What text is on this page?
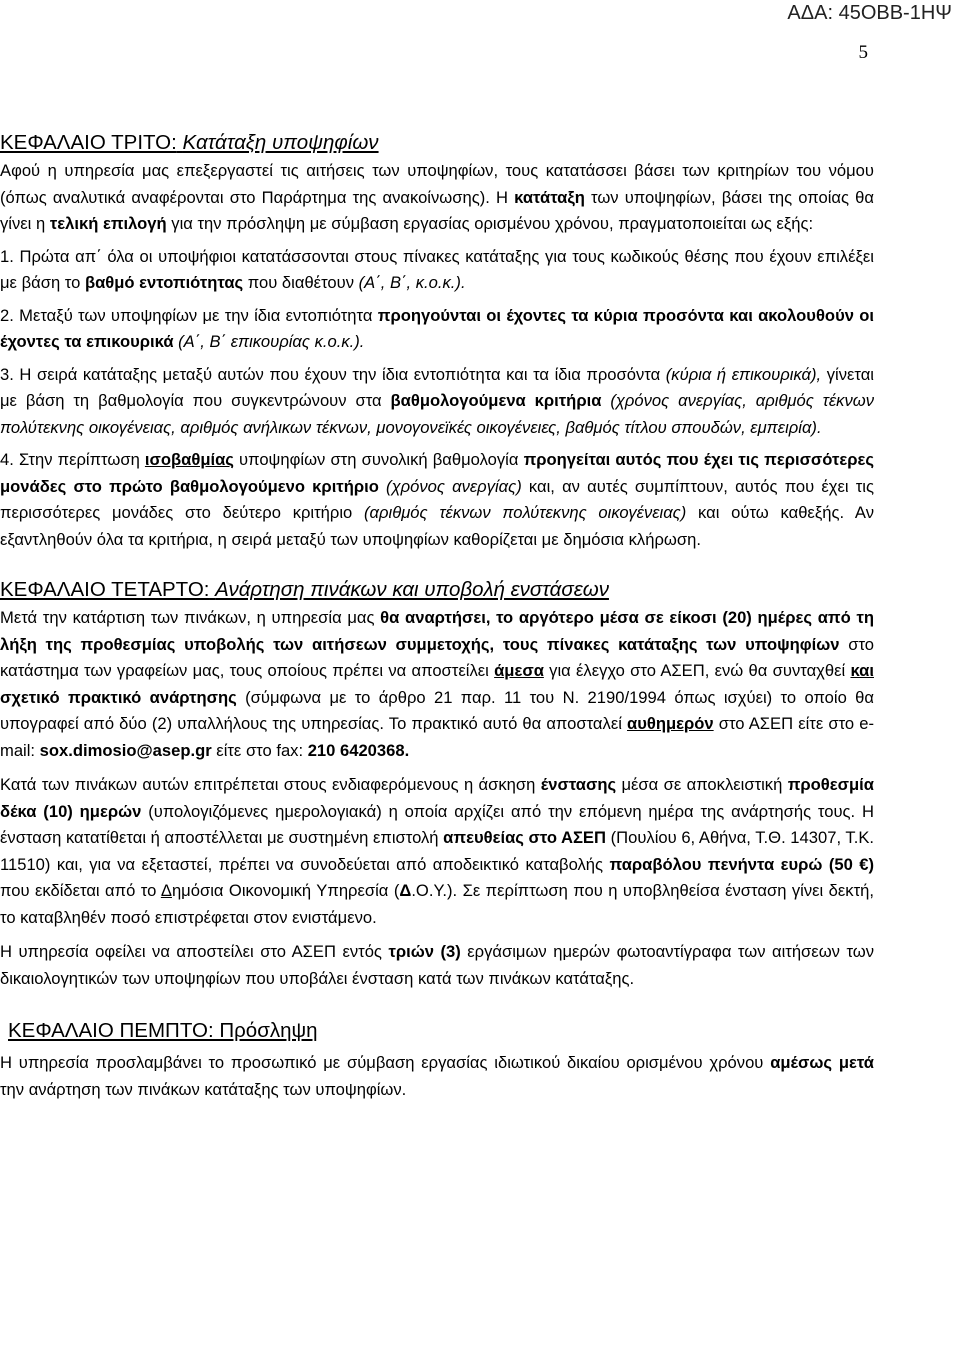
ΑΔΑ: 45ΟΒΒ-1ΗΨ
5
ΚΕΦΑΛΑΙΟ ΤΡΙΤΟ: Κατάταξη υποψηφίων

Αφού η υπηρεσία μας επεξεργαστεί τις αιτήσεις των υποψηφίων, τους κατατάσσει βάσει των κριτηρίων του νόμου (όπως αναλυτικά αναφέρονται στο Παράρτημα της ανακοίνωσης). Η κατάταξη των υποψηφίων, βάσει της οποίας θα γίνει η τελική επιλογή για την πρόσληψη με σύμβαση εργασίας ορισμένου χρόνου, πραγματοποιείται ως εξής:

1. Πρώτα απ΄ όλα οι υποψήφιοι κατατάσσονται στους πίνακες κατάταξης για τους κωδικούς θέσης που έχουν επιλέξει με βάση το βαθμό εντοπιότητας που διαθέτουν (Α΄, Β΄, κ.ο.κ.).

2. Μεταξύ των υποψηφίων με την ίδια εντοπιότητα προηγούνται οι έχοντες τα κύρια προσόντα και ακολουθούν οι έχοντες τα επικουρικά (Α΄, Β΄ επικουρίας κ.ο.κ.).

3. Η σειρά κατάταξης μεταξύ αυτών που έχουν την ίδια εντοπιότητα και τα ίδια προσόντα (κύρια ή επικουρικά), γίνεται με βάση τη βαθμολογία που συγκεντρώνουν στα βαθμολογούμενα κριτήρια (χρόνος ανεργίας, αριθμός τέκνων πολύτεκνης οικογένειας, αριθμός ανήλικων τέκνων, μονογονεϊκές οικογένειες, βαθμός τίτλου σπουδών, εμπειρία).

4. Στην περίπτωση ισοβαθμίας υποψηφίων στη συνολική βαθμολογία προηγείται αυτός που έχει τις περισσότερες μονάδες στο πρώτο βαθμολογούμενο κριτήριο (χρόνος ανεργίας) και, αν αυτές συμπίπτουν, αυτός που έχει τις περισσότερες μονάδες στο δεύτερο κριτήριο (αριθμός τέκνων πολύτεκνης οικογένειας) και ούτω καθεξής. Αν εξαντληθούν όλα τα κριτήρια, η σειρά μεταξύ των υποψηφίων καθορίζεται με δημόσια κλήρωση.

ΚΕΦΑΛΑΙΟ ΤΕΤΑΡΤΟ: Ανάρτηση πινάκων και υποβολή ενστάσεων

Μετά την κατάρτιση των πινάκων, η υπηρεσία μας θα αναρτήσει, το αργότερο μέσα σε είκοσι (20) ημέρες από τη λήξη της προθεσμίας υποβολής των αιτήσεων συμμετοχής, τους πίνακες κατάταξης των υποψηφίων στο κατάστημα των γραφείων μας, τους οποίους πρέπει να αποστείλει άμεσα για έλεγχο στο ΑΣΕΠ, ενώ θα συνταχθεί και σχετικό πρακτικό ανάρτησης (σύμφωνα με το άρθρο 21 παρ. 11 του Ν. 2190/1994 όπως ισχύει) το οποίο θα υπογραφεί από δύο (2) υπαλλήλους της υπηρεσίας. Το πρακτικό αυτό θα αποσταλεί αυθημερόν στο ΑΣΕΠ είτε στο e-mail: sox.dimosio@asep.gr είτε στο fax: 210 6420368.

Κατά των πινάκων αυτών επιτρέπεται στους ενδιαφερόμενους η άσκηση ένστασης μέσα σε αποκλειστική προθεσμία δέκα (10) ημερών (υπολογιζόμενες ημερολογιακά) η οποία αρχίζει από την επόμενη ημέρα της ανάρτησής τους. Η ένσταση κατατίθεται ή αποστέλλεται με συστημένη επιστολή απευθείας στο ΑΣΕΠ (Πουλίου 6, Αθήνα, Τ.Θ. 14307, Τ.Κ. 11510) και, για να εξεταστεί, πρέπει να συνοδεύεται από αποδεικτικό καταβολής παραβόλου πενήντα ευρώ (50 €) που εκδίδεται από το Δημόσια Οικονομική Υπηρεσία (Δ.Ο.Υ.). Σε περίπτωση που η υποβληθείσα ένσταση γίνει δεκτή, το καταβληθέν ποσό επιστρέφεται στον ενιστάμενο.

Η υπηρεσία οφείλει να αποστείλει στο ΑΣΕΠ εντός τριών (3) εργάσιμων ημερών φωτοαντίγραφα των αιτήσεων των δικαιολογητικών των υποψηφίων που υποβάλει ένσταση κατά των πινάκων κατάταξης.

ΚΕΦΑΛΑΙΟ ΠΕΜΠΤΟ: Πρόσληψη

Η υπηρεσία προσλαμβάνει το προσωπικό με σύμβαση εργασίας ιδιωτικού δικαίου ορισμένου χρόνου αμέσως μετά την ανάρτηση των πινάκων κατάταξης των υποψηφίων.
